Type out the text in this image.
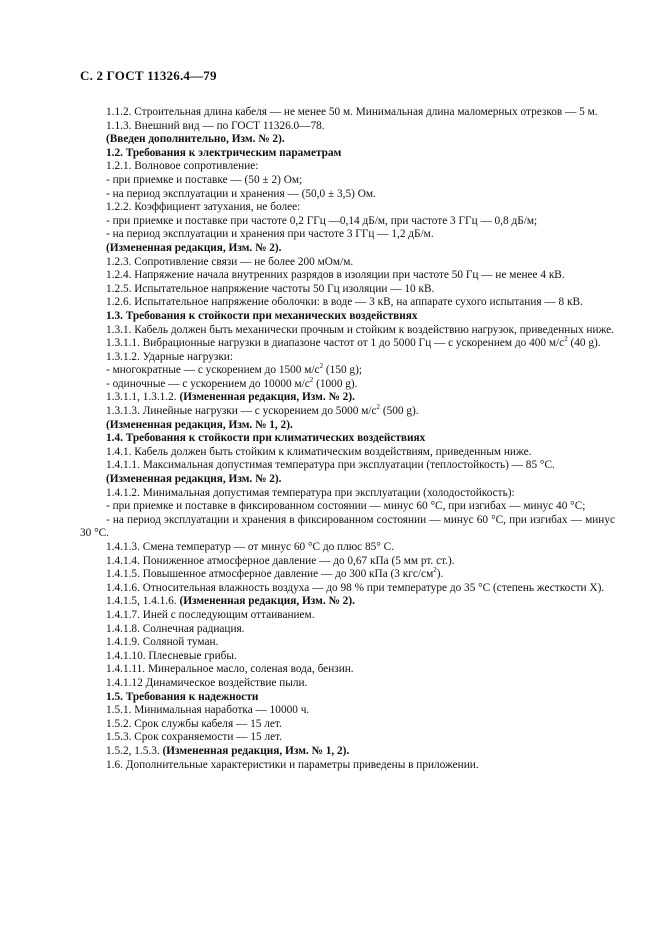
С. 2 ГОСТ 11326.4—79

1.1.2. Строительная длина кабеля — не менее 50 м. Минимальная длина маломерных отрезков — 5 м.

1.1.3. Внешний вид — по ГОСТ 11326.0—78.

(Введен дополнительно, Изм. № 2).

1.2. Требования к электрическим параметрам

1.2.1. Волновое сопротивление:

- при приемке и поставке — (50 ± 2) Ом;

- на период эксплуатации и хранения — (50,0 ± 3,5) Ом.

1.2.2. Коэффициент затухания, не более:

- при приемке и поставке при частоте 0,2 ГГц —0,14 дБ/м, при частоте 3 ГГц — 0,8 дБ/м;

- на период эксплуатации и хранения при частоте 3 ГГц — 1,2 дБ/м.

(Измененная редакция, Изм. № 2).

1.2.3. Сопротивление связи — не более 200 мОм/м.

1.2.4. Напряжение начала внутренних разрядов в изоляции при частоте 50 Гц — не менее 4 кВ.

1.2.5. Испытательное напряжение частоты 50 Гц изоляции — 10 кВ.

1.2.6. Испытательное напряжение оболочки: в воде — 3 кВ, на аппарате сухого испытания — 8 кВ.

1.3. Требования к стойкости при механических воздействиях

1.3.1. Кабель должен быть механически прочным и стойким к воздействию нагрузок, приведенных ниже.

1.3.1.1. Вибрационные нагрузки в диапазоне частот от 1 до 5000 Гц — с ускорением до 400 $м/с^2$ (40 g).

1.3.1.2. Ударные нагрузки:

- многократные — с ускорением до 1500 $м/с^2$ (150 g);

- одиночные — с ускорением до 10000 $м/с^2$ (1000 g).

1.3.1.1, 1.3.1.2. (Измененная редакция, Изм. № 2).

1.3.1.3. Линейные нагрузки — с ускорением до 5000 $м/с^2$ (500 g).

(Измененная редакция, Изм. № 1, 2).

1.4. Требования к стойкости при климатических воздействиях

1.4.1. Кабель должен быть стойким к климатическим воздействиям, приведенным ниже.

1.4.1.1. Максимальная допустимая температура при эксплуатации (теплостойкость) — 85 °С.

(Измененная редакция, Изм. № 2).

1.4.1.2. Минимальная допустимая температура при эксплуатации (холодостойкость):

- при приемке и поставке в фиксированном состоянии — минус 60 °С, при изгибах — минус 40 °С;

- на период эксплуатации и хранения в фиксированном состоянии — минус 60 °С, при изгибах — минус 30 °С.

1.4.1.3. Смена температур — от минус 60 °С до плюс 85° С.

1.4.1.4. Пониженное атмосферное давление — до 0,67 кПа (5 мм рт. ст.).

1.4.1.5. Повышенное атмосферное давление — до 300 кПа (3 кгс/$см^2$).

1.4.1.6. Относительная влажность воздуха — до 98 % при температуре до 35 °С (степень жесткости X).

1.4.1.5, 1.4.1.6. (Измененная редакция, Изм. № 2).

1.4.1.7. Иней с последующим оттаиванием.

1.4.1.8. Солнечная радиация.

1.4.1.9. Соляной туман.

1.4.1.10. Плесневые грибы.

1.4.1.11. Минеральное масло, соленая вода, бензин.

1.4.1.12 Динамическое воздействие пыли.

1.5. Требования к надежности

1.5.1. Минимальная наработка — 10000 ч.

1.5.2. Срок службы кабеля — 15 лет.

1.5.3. Срок сохраняемости — 15 лет.

1.5.2, 1.5.3. (Измененная редакция, Изм. № 1, 2).

1.6. Дополнительные характеристики и параметры приведены в приложении.
